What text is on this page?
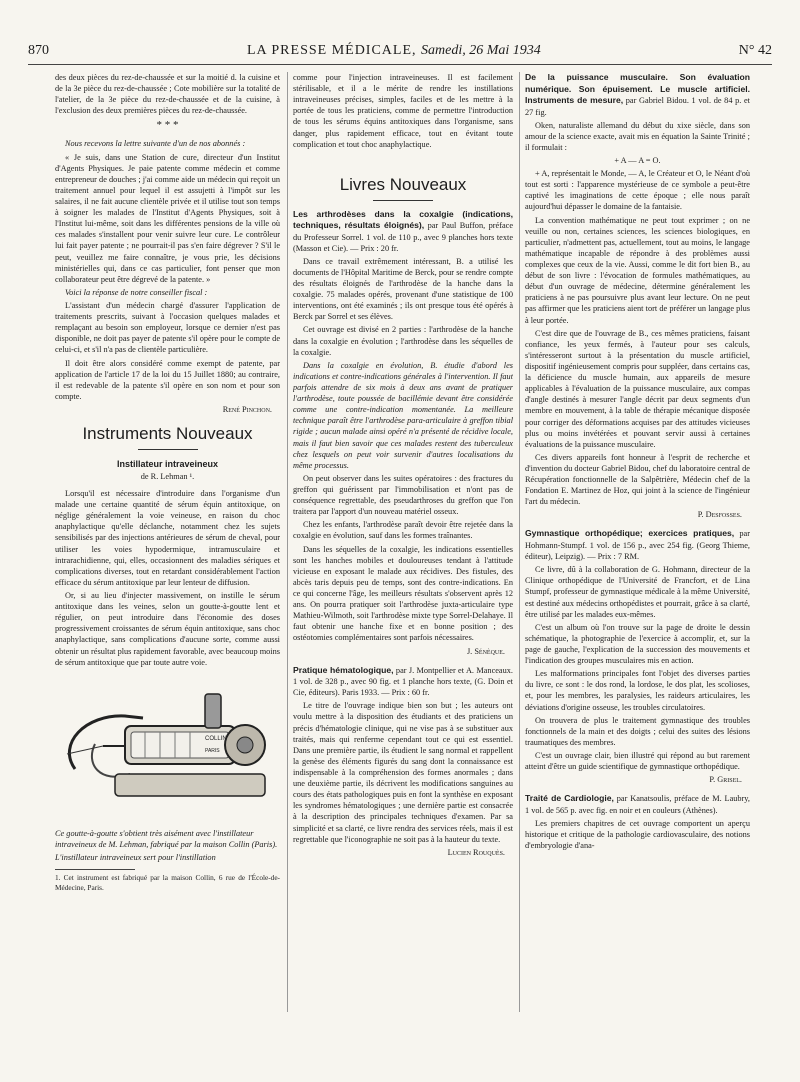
870	LA PRESSE MÉDICALE, Samedi, 26 Mai 1934	N° 42

des deux pièces du rez-de-chaussée et sur la moitié d. la cuisine et de la 3e pièce du rez-de-chaussée ; Cote mobilière sur la totalité de l'atelier, de la 3e pièce du rez-de-chaussée et de la cuisine, à l'exclusion des deux premières pièces du rez-de-chaussée.

* * *

Nous recevons la lettre suivante d'un de nos abonnés :

« Je suis, dans une Station de cure, directeur d'un Institut d'Agents Physiques. Je paie patente comme médecin et comme entrepreneur de douches ; j'ai comme aide un médecin qui reçoit un traitement annuel pour lequel il est assujetti à l'impôt sur les salaires, il ne fait aucune clientèle privée et il utilise tout son temps à soigner les malades de l'Institut d'Agents Physiques, soit à l'Institut lui-même, soit dans les différentes pensions de la ville où ces malades s'installent pour venir suivre leur cure. Le contrôleur lui fait payer patente ; ne pourrait-il pas s'en faire dégrever ? S'il le peut, veuillez me faire connaître, je vous prie, les décisions ministérielles qui, dans ce cas particulier, font penser que mon collaborateur peut être dégrevé de la patente. »

Voici la réponse de notre conseiller fiscal :

L'assistant d'un médecin chargé d'assurer l'application de traitements prescrits, suivant à l'occasion quelques malades et remplaçant au besoin son employeur, lorsque ce dernier n'est pas disponible, ne doit pas payer de patente s'il opère pour le compte de celui-ci, et s'il n'a pas de clientèle particulière.

Il doit être alors considéré comme exempt de patente, par application de l'article 17 de la loi du 15 Juillet 1880; au contraire, il est redevable de la patente s'il opère en son nom et pour son compte.

René Pinchon.
Instruments Nouveaux
Instillateur intraveineux
de R. Lehman ¹.

Lorsqu'il est nécessaire d'introduire dans l'organisme d'un malade une certaine quantité de sérum équin antitoxique, on néglige généralement la voie veineuse, en raison du choc anaphylactique qu'elle déclanche, notamment chez les sujets sensibilisés par des injections antérieures de sérum de cheval, pour utiliser les voies hypodermique, intramusculaire et intrarachidienne, qui, elles, occasionnent des maladies sériques et complications diverses, tout en retardant considérablement l'action efficace du sérum antitoxique par leur lenteur de diffusion.

Or, si au lieu d'injecter massivement, on instille le sérum antitoxique dans les veines, selon un goutte-à-goutte lent et régulier, on peut introduire dans l'économie des doses progressivement croissantes de sérum équin antitoxique, sans choc anaphylactique, sans complications d'aucune sorte, comme aussi obtenir un résultat plus rapidement favorable, avec beaucoup moins de sérum antitoxique que par toute autre voie.

COLLIN
PARIS

Ce goutte-à-goutte s'obtient très aisément avec l'instillateur intraveineux de M. Lehman, fabriqué par la maison Collin (Paris).

L'instillateur intraveineux sert pour l'instillation

1. Cet instrument est fabriqué par la maison Collin, 6 rue de l'École-de-Médecine, Paris.

comme pour l'injection intraveineuses. Il est facilement stérilisable, et il a le mérite de rendre les instillations intraveineuses précises, simples, faciles et de les mettre à la portée de tous les praticiens, comme de permettre l'introduction de tous les sérums équins antitoxiques dans l'organisme, sans danger, plus rapidement efficace, tout en évitant toute complication et tout choc anaphylactique.

Livres Nouveaux

Les arthrodèses dans la coxalgie (indications, techniques, résultats éloignés), par Paul Buffon, préface du Professeur Sorrel. 1 vol. de 110 p., avec 9 planches hors texte (Masson et Cie). — Prix : 20 fr.

Dans ce travail extrêmement intéressant, B. a utilisé les documents de l'Hôpital Maritime de Berck, pour se rendre compte des résultats éloignés de l'arthrodèse de la hanche dans la coxalgie. 75 malades opérés, provenant d'une statistique de 100 interventions, ont été examinés ; ils ont presque tous été opérés à Berck par Sorrel et ses élèves.

Cet ouvrage est divisé en 2 parties : l'arthrodèse de la hanche dans la coxalgie en évolution ; l'arthrodèse dans les séquelles de la coxalgie.

Dans la coxalgie en évolution, B. étudie d'abord les indications et contre-indications générales à l'intervention. Il faut parfois attendre de six mois à deux ans avant de pratiquer l'arthrodèse, toute poussée de bacillémie devant être considérée comme une contre-indication momentanée. La meilleure technique paraît être l'arthrodèse para-articulaire à greffon tibial rigide ; aucun malade ainsi opéré n'a présenté de récidive locale, mais il faut bien savoir que ces malades restent des tuberculeux chez lesquels on peut voir survenir d'autres localisations du même processus.

On peut observer dans les suites opératoires : des fractures du greffon qui guérissent par l'immobilisation et n'ont pas de conséquence regrettable, des pseudarthroses du greffon que l'on traitera par l'apport d'un nouveau matériel osseux.

Chez les enfants, l'arthrodèse paraît devoir être rejetée dans la coxalgie en évolution, sauf dans les formes traînantes.

Dans les séquelles de la coxalgie, les indications essentielles sont les hanches mobiles et douloureuses tendant à l'attitude vicieuse en exposant le malade aux récidives. Des fistules, des abcès taris depuis peu de temps, sont des contre-indications. En ce qui concerne l'âge, les meilleurs résultats s'observent après 12 ans. On pourra pratiquer soit l'arthrodèse juxta-articulaire type Mathieu-Wilmoth, soit l'arthrodèse mixte type Sorrel-Delahaye. Il faut obtenir une hanche fixe et en bonne position ; des ostéotomies complémentaires sont parfois nécessaires.

J. Sénèque.

Pratique hématologique, par J. Montpellier et A. Manceaux. 1 vol. de 328 p., avec 90 fig. et 1 planche hors texte, (G. Doin et Cie, éditeurs). Paris 1933. — Prix : 60 fr.

Le titre de l'ouvrage indique bien son but ; les auteurs ont voulu mettre à la disposition des étudiants et des praticiens un précis d'hématologie clinique, qui ne vise pas à se substituer aux traités, mais qui renferme cependant tout ce qui est essentiel. Dans une première partie, ils étudient le sang normal et rappellent la genèse des éléments figurés du sang dont la connaissance est indispensable à la compréhension des formes anormales ; dans une deuxième partie, ils décrivent les modifications sanguines au cours des états pathologiques puis en font la synthèse en exposant les syndromes hématologiques ; une dernière partie est consacrée à la description des principales techniques d'examen. Par sa simplicité et sa clarté, ce livre rendra des services réels, mais il est regrettable que l'iconographie ne soit pas à la hauteur du texte.

Lucien Rouquès.

De la puissance musculaire. Son évaluation numérique. Son épuisement. Le muscle artificiel. Instruments de mesure, par Gabriel Bidou. 1 vol. de 84 p. et 27 fig.

Oken, naturaliste allemand du début du xixe siècle, dans son amour de la science exacte, avait mis en équation la Sainte Trinité ; il formulait :

+ A — A = O.

+ A, représentait le Monde, — A, le Créateur et O, le Néant d'où tout est sorti : l'apparence mystérieuse de ce symbole a peut-être captivé les imaginations de cette époque ; elle nous paraît aujourd'hui dépasser le domaine de la fantaisie.

La convention mathématique ne peut tout exprimer ; on ne veuille ou non, certaines sciences, les sciences biologiques, en particulier, n'admettent pas, actuellement, tout au moins, le langage mathématique incapable de répondre à des problèmes aussi complexes que ceux de la vie. Aussi, comme le dit fort bien B., au début de son livre : l'évocation de formules mathématiques, au début d'un ouvrage de médecine, détermine généralement les praticiens à ne pas poursuivre plus avant leur lecture. On ne peut pas affirmer que les praticiens aient tort de préférer un langage plus à leur portée.

C'est dire que de l'ouvrage de B., ces mêmes praticiens, faisant confiance, les yeux fermés, à l'auteur pour ses calculs, s'intéresseront surtout à la présentation du muscle artificiel, dispositif ingénieusement compris pour suppléer, dans certains cas, la déficience du muscle humain, aux appareils de mesure applicables à l'évaluation de la puissance musculaire, aux compas d'angle destinés à mesurer l'angle décrit par deux segments d'un membre en mouvement, à la table de thérapie mécanique disposée pour corriger des déformations acquises par des attitudes vicieuses plus ou moins invétérées et pouvant servir aussi à certaines évaluations de la puissance musculaire.

Ces divers appareils font honneur à l'esprit de recherche et d'invention du docteur Gabriel Bidou, chef du laboratoire central de Récupération fonctionnelle de la Salpêtrière, Médecin chef de la Fondation E. Martinez de Hoz, qui joint à la science de l'ingénieur l'art du médecin.

P. Desfosses.

Gymnastique orthopédique; exercices pratiques, par Hohmann-Stumpf. 1 vol. de 156 p., avec 254 fig. (Georg Thieme, éditeur), Leipzig). — Prix : 7 RM.

Ce livre, dû à la collaboration de G. Hohmann, directeur de la Clinique orthopédique de l'Université de Francfort, et de Lina Stumpf, professeur de gymnastique médicale à la même Université, est destiné aux médecins orthopédistes et pourrait, grâce à sa clarté, être utilisé par les malades eux-mêmes.

C'est un album où l'on trouve sur la page de droite le dessin schématique, la photographie de l'exercice à accomplir, et, sur la page de gauche, l'explication de la succession des mouvements et l'indication des groupes musculaires mis en action.

Les malformations principales font l'objet des diverses parties du livre, ce sont : le dos rond, la lordose, le dos plat, les scolioses, et, pour les membres, les paralysies, les raideurs articulaires, les déviations d'origine osseuse, les troubles circulatoires.

On trouvera de plus le traitement gymnastique des troubles fonctionnels de la main et des doigts ; celui des suites des lésions traumatiques des membres.

C'est un ouvrage clair, bien illustré qui répond au but rarement atteint d'être un guide scientifique de gymnastique orthopédique.

P. Grisel.

Traité de Cardiologie, par Kanatsoulis, préface de M. Laubry, 1 vol. de 565 p. avec fig. en noir et en couleurs (Athènes).

Les premiers chapitres de cet ouvrage comportent un aperçu historique et critique de la pathologie cardiovasculaire, des notions d'embryologie d'ana-
